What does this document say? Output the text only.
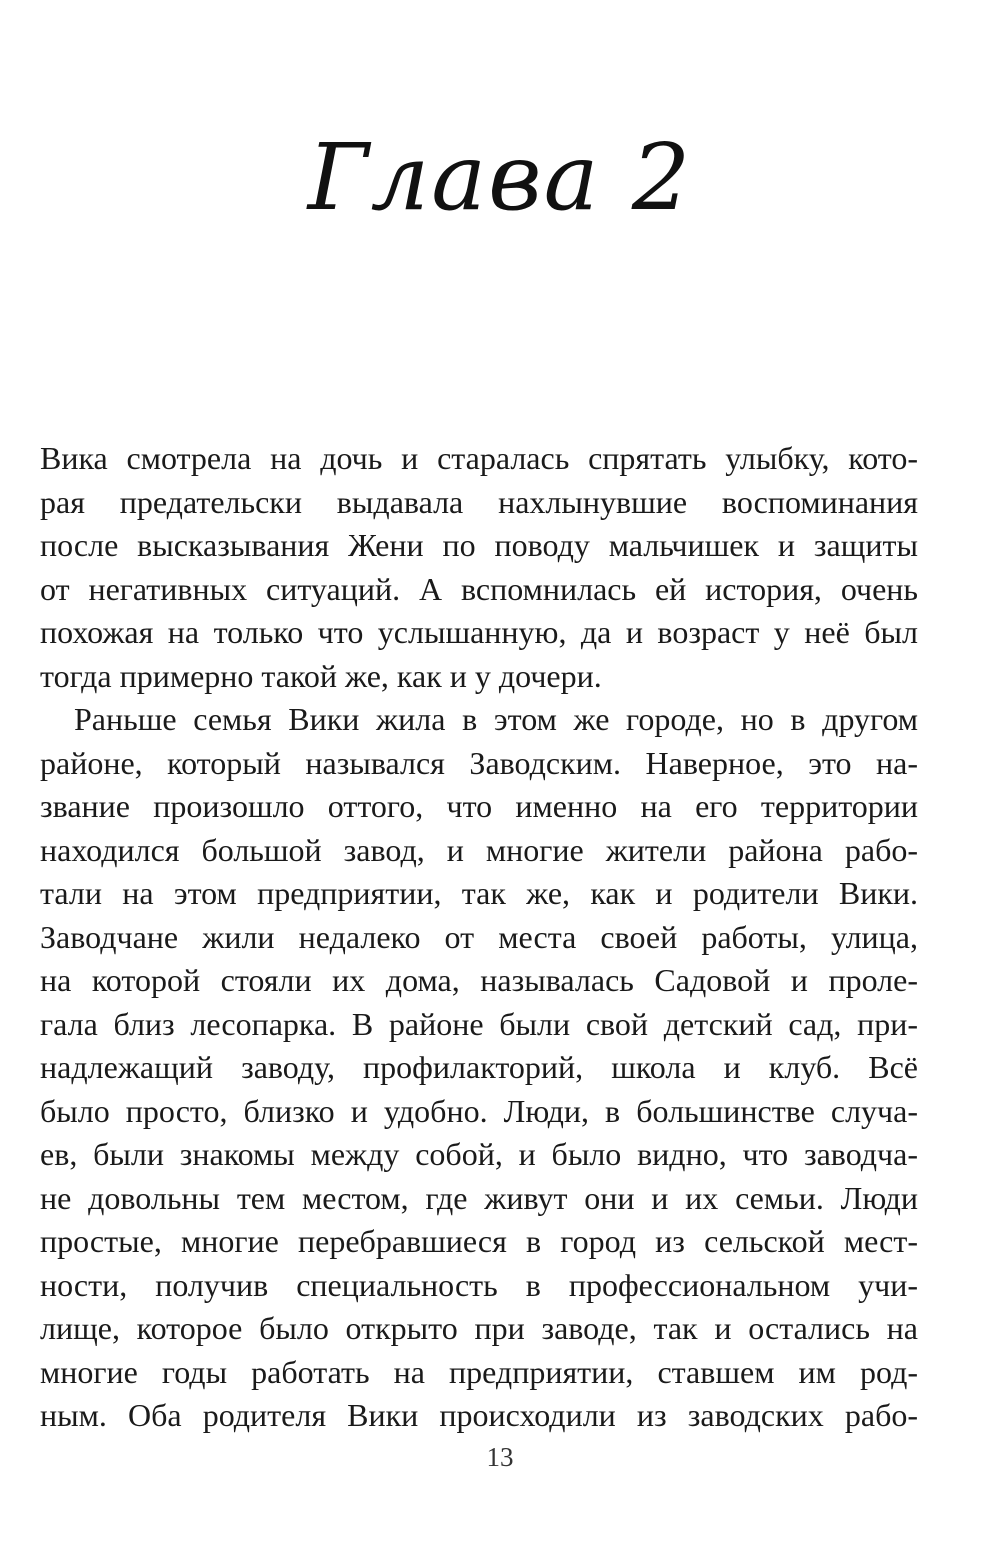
Глава 2

Вика смотрела на дочь и старалась спрятать улыбку, кото-
рая предательски выдавала нахлынувшие воспоминания
после высказывания Жени по поводу мальчишек и защиты
от негативных ситуаций. А вспомнилась ей история, очень
похожая на только что услышанную, да и возраст у неё был
тогда примерно такой же, как и у дочери.

Раньше семья Вики жила в этом же городе, но в другом
районе, который назывался Заводским. Наверное, это на-
звание произошло оттого, что именно на его территории
находился большой завод, и многие жители района рабо-
тали на этом предприятии, так же, как и родители Вики.
Заводчане жили недалеко от места своей работы, улица,
на которой стояли их дома, называлась Садовой и проле-
гала близ лесопарка. В районе были свой детский сад, при-
надлежащий заводу, профилакторий, школа и клуб. Всё
было просто, близко и удобно. Люди, в большинстве случа-
ев, были знакомы между собой, и было видно, что заводча-
не довольны тем местом, где живут они и их семьи. Люди
простые, многие перебравшиеся в город из сельской мест-
ности, получив специальность в профессиональном учи-
лище, которое было открыто при заводе, так и остались на
многие годы работать на предприятии, ставшем им род-
ным. Оба родителя Вики происходили из заводских рабо-

13
